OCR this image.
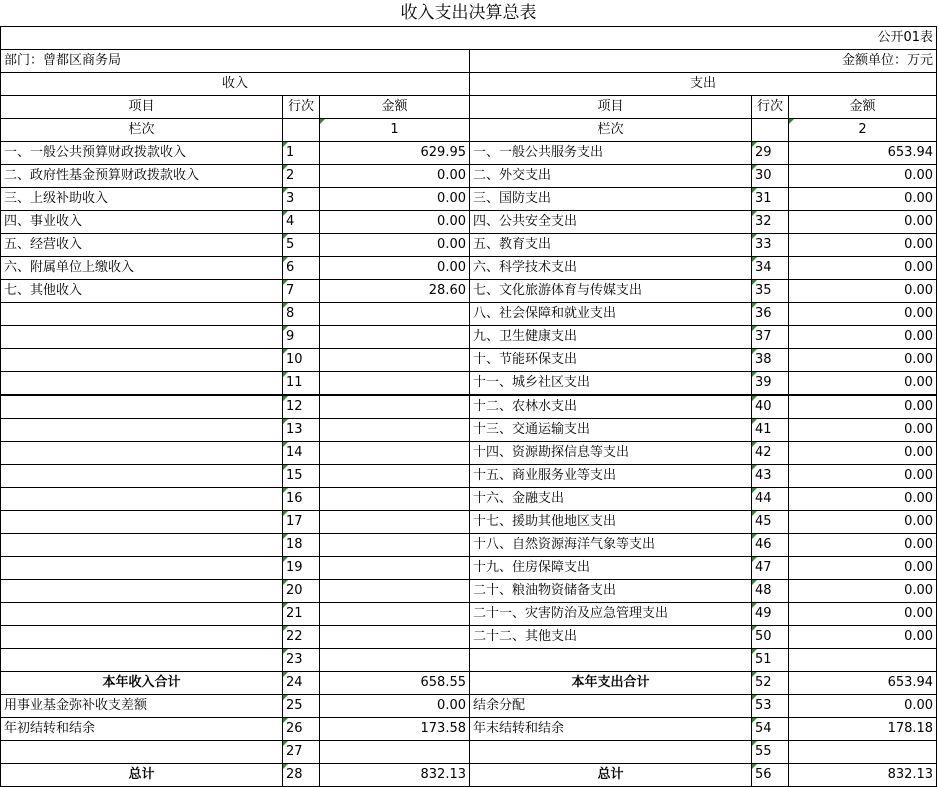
收入支出决算总表					
公开01表					
部门：曾都区商务局			金额单位：万元		
收入			支出		
项目	行次	金额	项目	行次	金额
栏次		1	栏次		2
一、一般公共预算财政拨款收入	1	629.95	一、一般公共服务支出	29	653.94
二、政府性基金预算财政拨款收入	2	0.00	二、外交支出	30	0.00
三、上级补助收入	3	0.00	三、国防支出	31	0.00
四、事业收入	4	0.00	四、公共安全支出	32	0.00
五、经营收入	5	0.00	五、教育支出	33	0.00
六、附属单位上缴收入	6	0.00	六、科学技术支出	34	0.00
七、其他收入	7	28.60	七、文化旅游体育与传媒支出	35	0.00
	8		八、社会保障和就业支出	36	0.00
	9		九、卫生健康支出	37	0.00
	10		十、节能环保支出	38	0.00
	11		十一、城乡社区支出	39	0.00
	12		十二、农林水支出	40	0.00
	13		十三、交通运输支出	41	0.00
	14		十四、资源勘探信息等支出	42	0.00
	15		十五、商业服务业等支出	43	0.00
	16		十六、金融支出	44	0.00
	17		十七、援助其他地区支出	45	0.00
	18		十八、自然资源海洋气象等支出	46	0.00
	19		十九、住房保障支出	47	0.00
	20		二十、粮油物资储备支出	48	0.00
	21		二十一、灾害防治及应急管理支出	49	0.00
	22		二十二、其他支出	50	0.00
	23			51	
本年收入合计	24	658.55	本年支出合计	52	653.94
用事业基金弥补收支差额	25	0.00	结余分配	53	0.00
年初结转和结余	26	173.58	年末结转和结余	54	178.18
	27			55	
总计	28	832.13	总计	56	832.13
